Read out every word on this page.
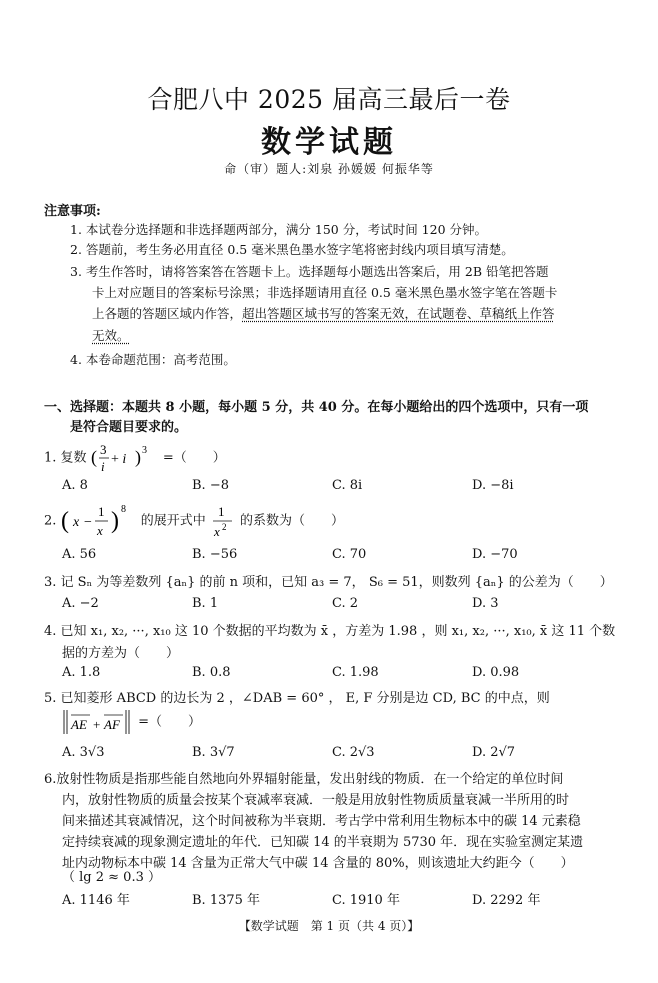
合肥八中 2025 届高三最后一卷
数学试题
命（审）题人:刘泉 孙媛媛 何振华等
注意事项:
1. 本试卷分选择题和非选择题两部分，满分 150 分，考试时间 120 分钟。
2. 答题前，考生务必用直径 0.5 毫米黑色墨水签字笔将密封线内项目填写清楚。
3. 考生作答时，请将答案答在答题卡上。选择题每小题选出答案后，用 2B 铅笔把答题
卡上对应题目的答案标号涂黑；非选择题请用直径 0.5 毫米黑色墨水签字笔在答题卡
上各题的答题区域内作答，超出答题区域书写的答案无效，在试题卷、草稿纸上作答
无效。
4. 本卷命题范围：高考范围。
一、选择题：本题共 8 小题，每小题 5 分，共 40 分。在每小题给出的四个选项中，只有一项
是符合题目要求的。
1. 复数 ( 3
i + i ) 3 =（　　）
A. 8	B. −8	C. 8i	D. −8i
2. ( x −
1
x ) 8
的展开式中
1
x 2 的系数为（　　）
A. 56	B. −56	C. 70	D. −70
3. 记 Sₙ 为等差数列 {aₙ} 的前 n 项和，已知 a₃ = 7， S₆ = 51，则数列 {aₙ} 的公差为（　　）
A. −2	B. 1	C. 2	D. 3
4. 已知 x₁, x₂, ···, x₁₀ 这 10 个数据的平均数为 x̄ ，方差为 1.98 ，则 x₁, x₂, ···, x₁₀, x̄ 这 11 个数
据的方差为（　　）
A. 1.8	B. 0.8	C. 1.98	D. 0.98
5. 已知菱形 ABCD 的边长为 2 ，∠DAB = 60° ， E, F 分别是边 CD, BC 的中点，则
AE + AF =（　　）
A. 3√3	B. 3√7	C. 2√3	D. 2√7
6.放射性物质是指那些能自然地向外界辐射能量，发出射线的物质．在一个给定的单位时间
内，放射性物质的质量会按某个衰减率衰减．一般是用放射性物质质量衰减一半所用的时
间来描述其衰减情况，这个时间被称为半衰期．考古学中常利用生物标本中的碳 14 元素稳
定持续衰减的现象测定遗址的年代．已知碳 14 的半衰期为 5730 年．现在实验室测定某遗
址内动物标本中碳 14 含量为正常大气中碳 14 含量的 80%，则该遗址大约距今（　　）
（ lg 2 ≈ 0.3 ）
A. 1146 年	B. 1375 年	C. 1910 年	D. 2292 年
【数学试题　第 1 页（共 4 页）】
